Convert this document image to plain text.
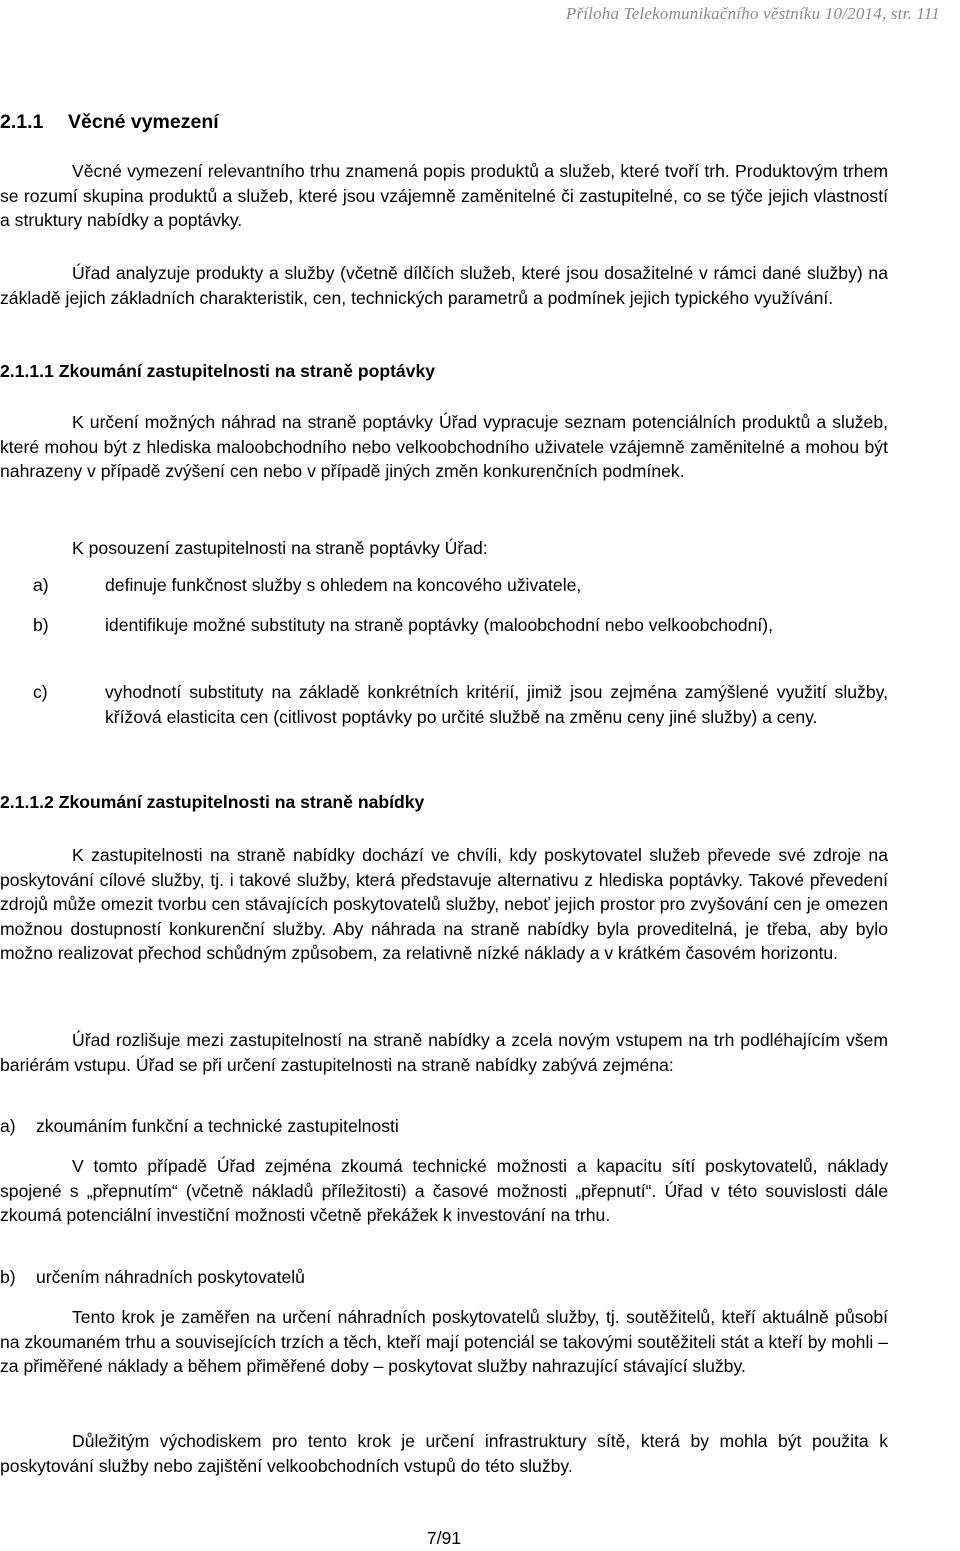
Příloha Telekomunikačního věstníku 10/2014, str. 111
2.1.1 Věcné vymezení
Věcné vymezení relevantního trhu znamená popis produktů a služeb, které tvoří trh. Produktovým trhem se rozumí skupina produktů a služeb, které jsou vzájemně zaměnitelné či zastupitelné, co se týče jejich vlastností a struktury nabídky a poptávky.
Úřad analyzuje produkty a služby (včetně dílčích služeb, které jsou dosažitelné v rámci dané služby) na základě jejich základních charakteristik, cen, technických parametrů a podmínek jejich typického využívání.
2.1.1.1 Zkoumání zastupitelnosti na straně poptávky
K určení možných náhrad na straně poptávky Úřad vypracuje seznam potenciálních produktů a služeb, které mohou být z hlediska maloobchodního nebo velkoobchodního uživatele vzájemně zaměnitelné a mohou být nahrazeny v případě zvýšení cen nebo v případě jiných změn konkurenčních podmínek.
K posouzení zastupitelnosti na straně poptávky Úřad:
a)	definuje funkčnost služby s ohledem na koncového uživatele,
b)	identifikuje možné substituty na straně poptávky (maloobchodní nebo velkoobchodní),
c)	vyhodnotí substituty na základě konkrétních kritérií, jimiž jsou zejména zamýšlené využití služby, křížová elasticita cen (citlivost poptávky po určité službě na změnu ceny jiné služby) a ceny.
2.1.1.2 Zkoumání zastupitelnosti na straně nabídky
K zastupitelnosti na straně nabídky dochází ve chvíli, kdy poskytovatel služeb převede své zdroje na poskytování cílové služby, tj. i takové služby, která představuje alternativu z hlediska poptávky. Takové převedení zdrojů může omezit tvorbu cen stávajících poskytovatelů služby, neboť jejich prostor pro zvyšování cen je omezen možnou dostupností konkurenční služby. Aby náhrada na straně nabídky byla proveditelná, je třeba, aby bylo možno realizovat přechod schůdným způsobem, za relativně nízké náklady a v krátkém časovém horizontu.
Úřad rozlišuje mezi zastupitelností na straně nabídky a zcela novým vstupem na trh podléhajícím všem bariérám vstupu. Úřad se při určení zastupitelnosti na straně nabídky zabývá zejména:
a) zkoumáním funkční a technické zastupitelnosti
V tomto případě Úřad zejména zkoumá technické možnosti a kapacitu sítí poskytovatelů, náklady spojené s „přepnutím“ (včetně nákladů příležitosti) a časové možnosti „přepnutí“. Úřad v této souvislosti dále zkoumá potenciální investiční možnosti včetně překážek k investování na trhu.
b) určením náhradních poskytovatelů
Tento krok je zaměřen na určení náhradních poskytovatelů služby, tj. soutěžitelů, kteří aktuálně působí na zkoumaném trhu a souvisejících trzích a těch, kteří mají potenciál se takovými soutěžiteli stát a kteří by mohli – za přiměřené náklady a během přiměřené doby – poskytovat služby nahrazující stávající služby.
Důležitým východiskem pro tento krok je určení infrastruktury sítě, která by mohla být použita k poskytování služby nebo zajištění velkoobchodních vstupů do této služby.
7/91
